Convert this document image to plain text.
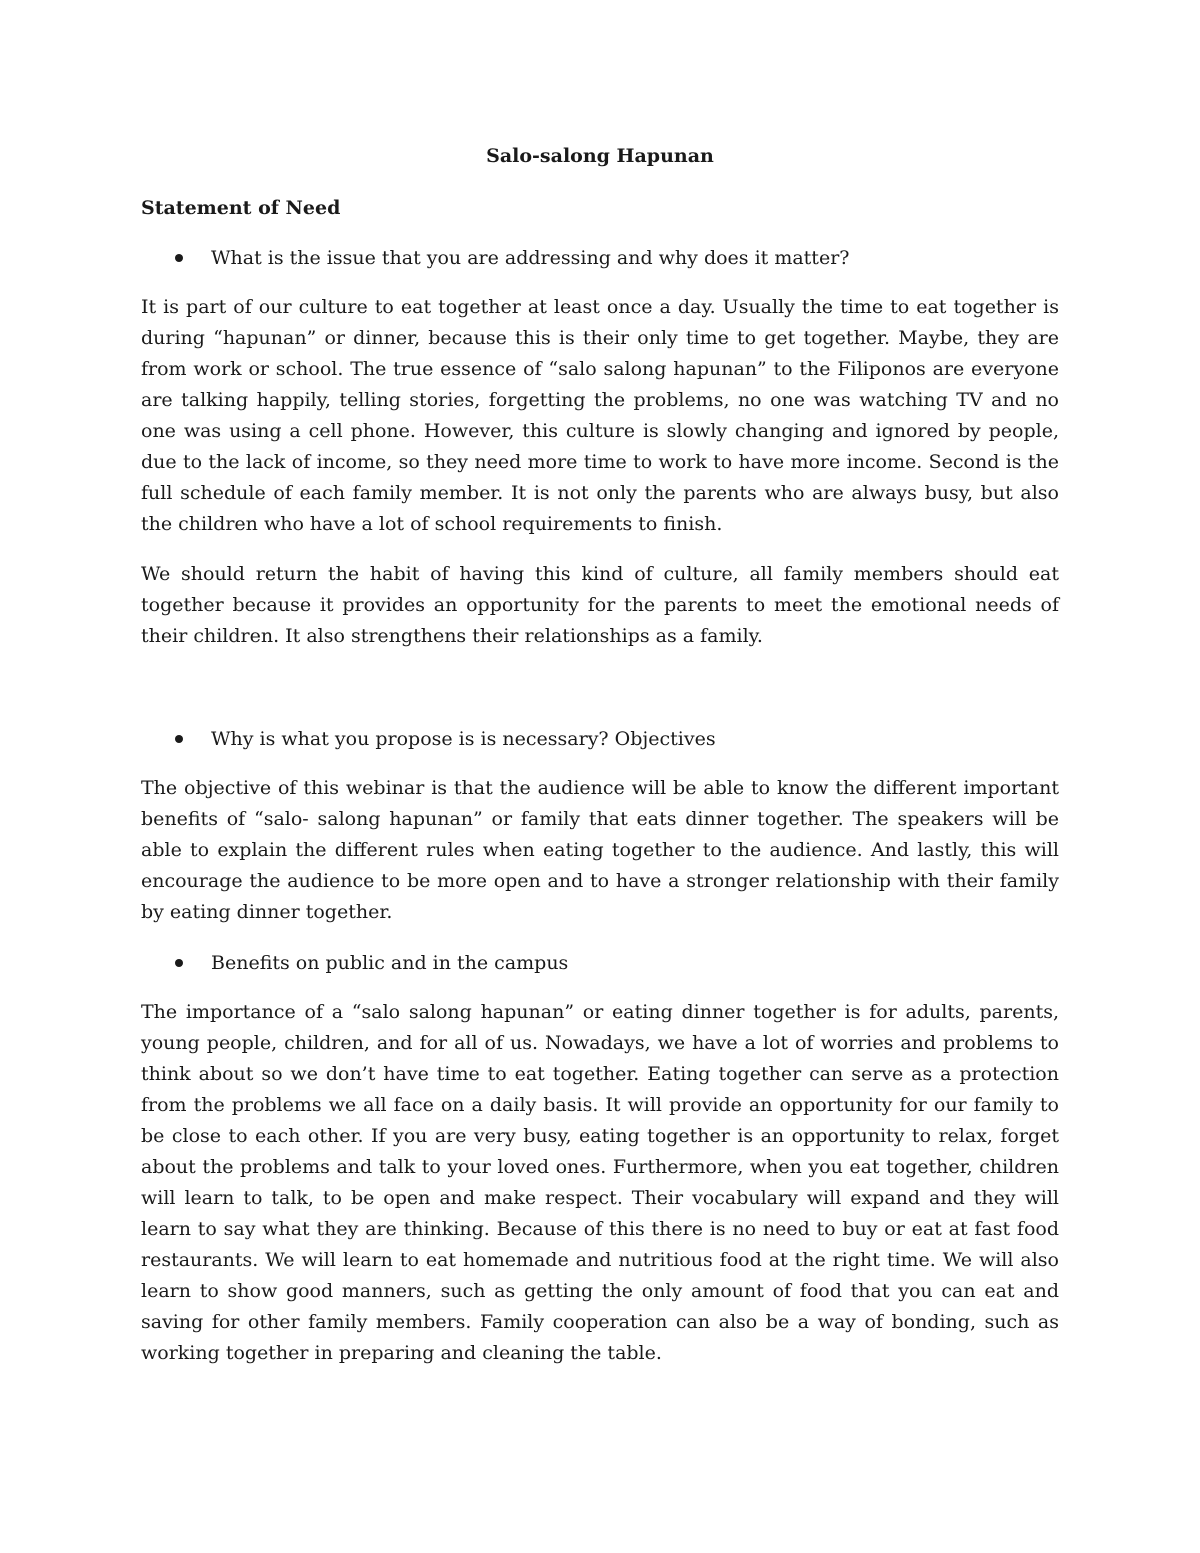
Salo-salong Hapunan
Statement of Need
What is the issue that you are addressing and why does it matter?

It is part of our culture to eat together at least once a day. Usually the time to eat together is during “hapunan” or dinner, because this is their only time to get together. Maybe, they are from work or school. The true essence of “salo salong hapunan” to the Filiponos are everyone are talking happily, telling stories, forgetting the problems, no one was watching TV and no one was using a cell phone. However, this culture is slowly changing and ignored by people, due to the lack of income, so they need more time to work to have more income. Second is the full schedule of each family member. It is not only the parents who are always busy, but also the children who have a lot of school requirements to finish.

We should return the habit of having this kind of culture, all family members should eat together because it provides an opportunity for the parents to meet the emotional needs of their children. It also strengthens their relationships as a family.

Why is what you propose is is necessary? Objectives

The objective of this webinar is that the audience will be able to know the different important benefits of “salo- salong hapunan” or family that eats dinner together. The speakers will be able to explain the different rules when eating together to the audience. And lastly, this will encourage the audience to be more open and to have a stronger relationship with their family by eating dinner together.

Benefits on public and in the campus

The importance of a “salo salong hapunan” or eating dinner together is for adults, parents, young people, children, and for all of us. Nowadays, we have a lot of worries and problems to think about so we don’t have time to eat together. Eating together can serve as a protection from the problems we all face on a daily basis. It will provide an opportunity for our family to be close to each other. If you are very busy, eating together is an opportunity to relax, forget about the problems and talk to your loved ones. Furthermore, when you eat together, children will learn to talk, to be open and make respect. Their vocabulary will expand and they will learn to say what they are thinking. Because of this there is no need to buy or eat at fast food restaurants. We will learn to eat homemade and nutritious food at the right time. We will also learn to show good manners, such as getting the only amount of food that you can eat and saving for other family members. Family cooperation can also be a way of bonding, such as working together in preparing and cleaning the table.
